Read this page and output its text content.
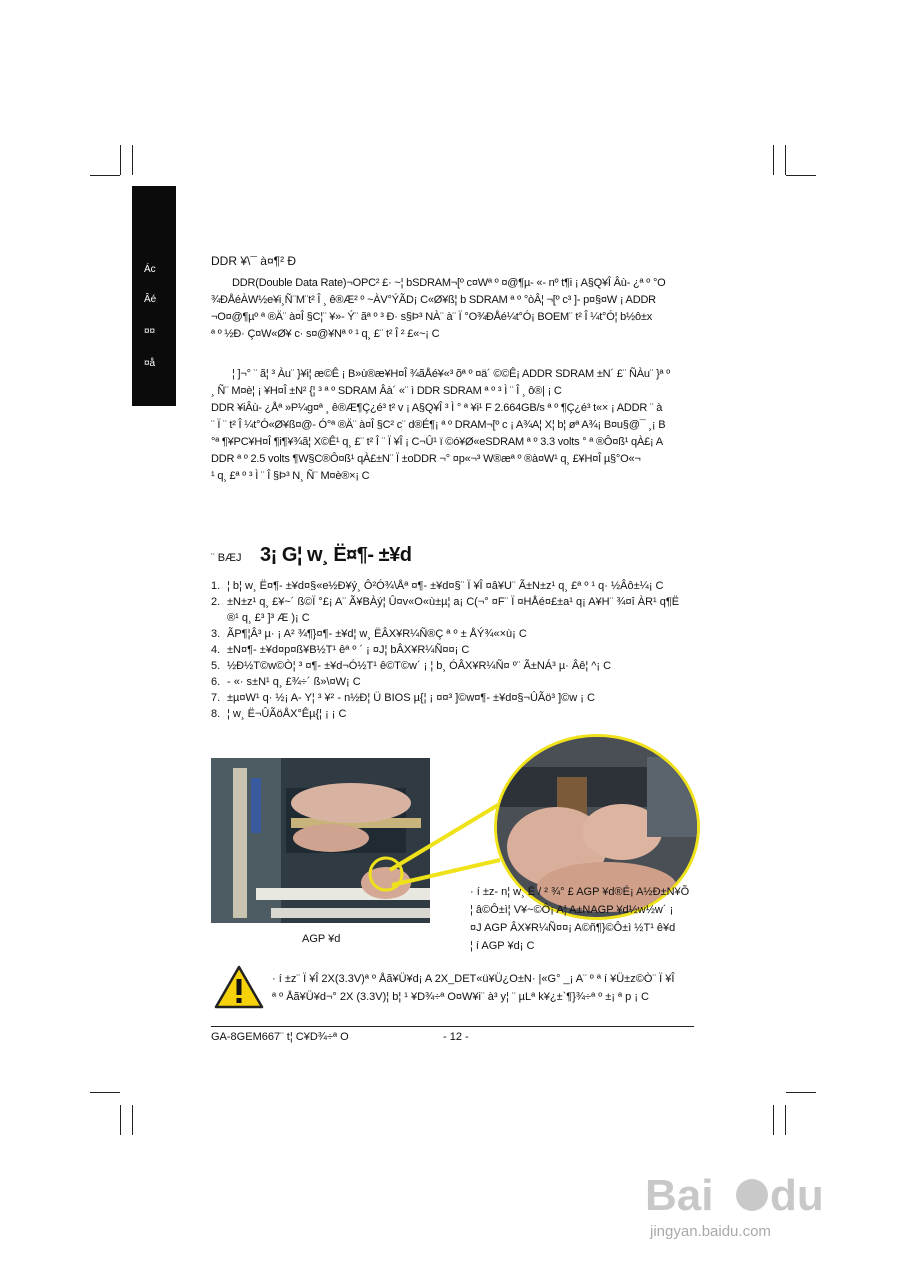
Ác
Âé
¤¤
¤å
DDR ¥\¯ à¤¶² Ð
DDR(Double Data Rate)¬OPC² £· ~¦ bSDRAM¬[º c¤Wª º ¤@¶µ- «- nº t¶i ¡ A§Q¥Î Âù- ¿ª º °O
¾ÐÅéÀW½e¥i¸Ñ¨M¨t² Î ¸ ê®Æ² º ~ÀV°ÝÃD¡ C«Ø¥ß¦ b SDRAM ª º °òÂ¦ ¬[º c³ ]- p¤§¤W ¡ ADDR
¬O¤@¶µº ª ®Ä¨ à¤Î §C¦¨ ¥»- Ý¨ ãª º ³ Ð· s§Þ³ NÀ¨ à¨ Ï °O¾ÐÅé¼t°Ó¡ BOEM¨ t² Î ¼t°Ó¦ b½ô±x
ª º ½Ð· Ç¤W«Ø¥ c· s¤@¥Nª º ¹ q¸ £¨ t² Î ² £«~¡ C
¦ ]¬° ¨ ã¦ ³ Àu¨ }¥i¦ æ©Ê ¡ B»ù®æ¥H¤Î ¾ãÅé¥«³ õª º ¤ä´ ©©Ê¡ ADDR SDRAM ±N´ £¨ ÑÀu¨ }ª º
¸ Ñ¨ M¤è¦ ¡ ¥H¤Î ±N² {¦ ³ ª º SDRAM Âà´ «¨ ì DDR SDRAM ª º ³ Ì ¨ Î ¸ ô®| ¡ C
DDR ¥iÂù- ¿Åª »P¼g¤ª ¸ ê®Æ¶Ç¿é³ t² v ¡ A§Q¥Î ³ Ì ° ª ¥i¹ F 2.664GB/s ª º ¶Ç¿é³ t«× ¡ ADDR ¨ à
¨ Ï ¨ t² Î ¼t°Ó«Ø¥ß¤@- Ó°ª ®Ä¨ à¤Î §C² c¨ d®É¶¡ ª º DRAM¬[º c ¡ A¾A¦ X¦ b¦ øª A¾¡ B¤u§@¯ ¸¡ B
°ª ¶¥PC¥H¤Î ¶i¶¥¾ã¦ X©Ê¹ q¸ £¨ t² Î ¨ Ï ¥Î ¡ C¬Û¹ ï ©ó¥Ø«eSDRAM ª º 3.3 volts ° ª ®Ô¤ß¹ qÀ£¡ A
DDR ª º 2.5 volts ¶W§C®Ô¤ß¹ qÀ£±N¨ Ï ±oDDR ¬° ¤p«¬³ W®æª º ®à¤W¹ q¸ £¥H¤Î µ§°O«¬
¹ q¸ £ª º ³ Ì ¨ Î §Þ³ N¸ Ñ¨ M¤è®×¡ C
¨ BÆJ 3¡ G¦ w¸ Ë¤¶- ±¥d
1. ¦ b¦ w¸ Ë¤¶- ±¥d¤§«e½Ð¥ý¸ Ô²Ó¾\Åª ¤¶- ±¥d¤§¨ Ï ¥Î ¤â¥U¨ Ã±N±z¹ q¸ £ª º ¹ q· ½Âô±¼¡ C
2. ±N±z¹ q¸ £¥~´ ß©Ï °£¡ A¨ Ã¥BÀý¦ Û¤v«O«ù±µ¦ a¡ C(¬° ¤F¨ Ï ¤HÅé¤£±a¹ q¡ A¥H¨ ¾¤î ÀR¹ q¶Ë
®¹ q¸ £³ ]³ Æ )¡ C
3. ÃP¶¦Â³ µ· ¡ A² ¾¶}¤¶- ±¥d¦ w¸ ËÂX¥R¼Ñ®Ç ª º ± ÅÝ¾«×ù¡ C
4. ±N¤¶- ±¥d¤p¤ß¥B½T¹ êª º ´ ¡ ¤J¦ bÂX¥R¼Ñ¤¤¡ C
5. ½Ð½T©w©Ò¦ ³ ¤¶- ±¥d¬Ó½T¹ ê©T©w´ ¡ ¦ b¸ ÓÂX¥R¼Ñ¤ º¨ Ã±NÁ³ µ· Âê¦ ^¡ C
6. - «· s±N¹ q¸ £¾÷´ ß»\¤W¡ C
7. ±µ¤W¹ q· ½¡ A- Y¦ ³ ¥² - n½Ð¦ Ü BIOS µ{¦ ¡ ¤¤³ ]©w¤¶- ±¥d¤§¬ÛÃö³ ]©w ¡ C
8. ¦ w¸ Ë¬ÛÃöÅX°Êµ{¦ ¡ ¡ C
AGP ¥d
· í ±z- n¦ w¸ Ë / ² ¾° £ AGP ¥d®É¡ A½Ð±N¥Õ
¦ â©Ô±ì¦ V¥~©Ô¡ A¦ A±NAGP ¥d½w½w´ ¡
¤J AGP ÂX¥R¼Ñ¤¤¡ A©ñ¶}©Ô±ì ½T¹ ê¥d
¦ í AGP ¥d¡ C
· í ±z¨ Ï ¥Î 2X(3.3V)ª º Åã¥Ü¥d¡ A 2X_DET«ü¥Ü¿O±N· |«G° _¡ A¨ º ª í ¥Ü±z©Ò¨ Ï ¥Î
ª º Åã¥Ü¥d¬° 2X (3.3V)¦ b¦ ¹ ¥D¾÷ª O¤W¥i¨ à³ y¦ ¨ µLª k¥¿±`¶}¾÷ª º ±¡ ª p ¡ C
GA-8GEM667¨ t¦ C¥D¾÷ª O	- 12 -
Bai du
jingyan.baidu.com
